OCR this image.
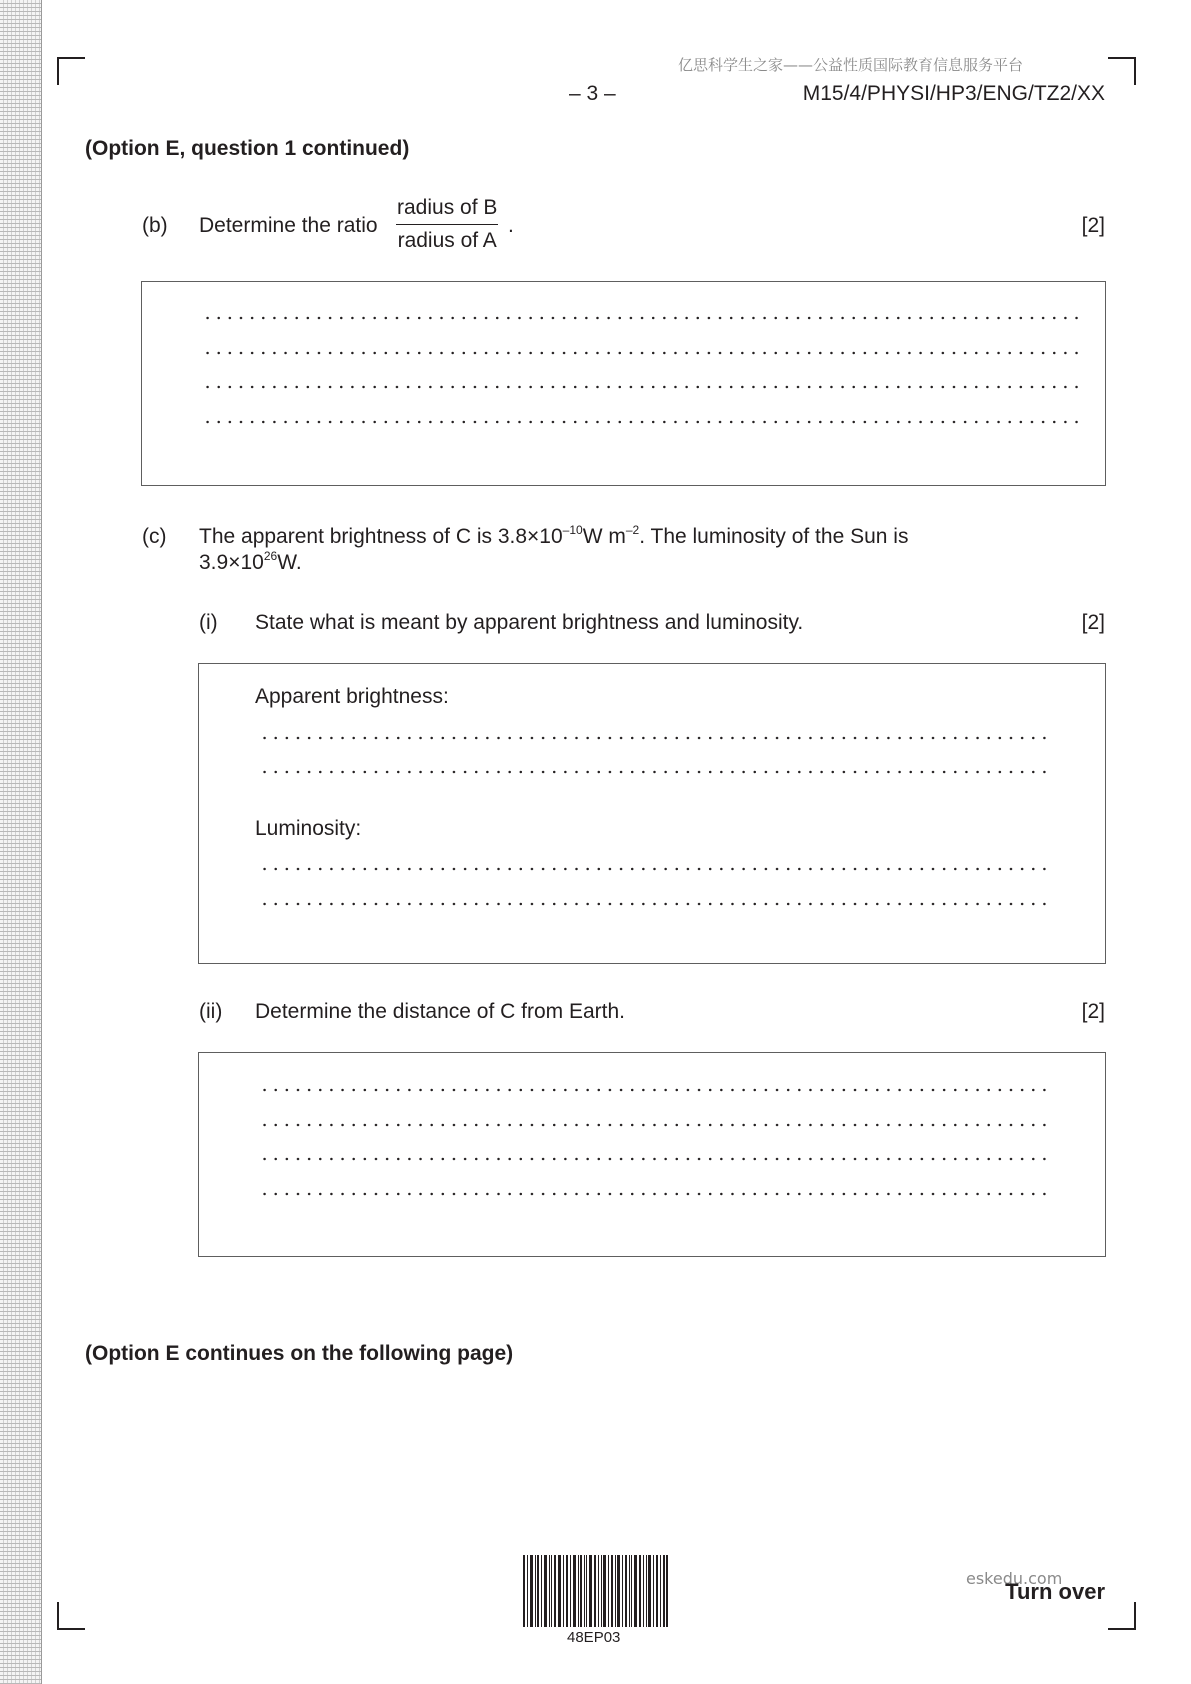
亿思科学生之家——公益性质国际教育信息服务平台
– 3 –	M15/4/PHYSI/HP3/ENG/TZ2/XX
(Option E, question 1 continued)
(b) Determine the ratio
radius of B
radius of A
.	[2]
(c) The apparent brightness of C is $3.8\times 10^{-10}W$ $m^{-2}$. The luminosity of the Sun is
$3.9\times 10^{26}W$.
(i) State what is meant by apparent brightness and luminosity.	[2]
Apparent brightness:
Luminosity:
(ii) Determine the distance of C from Earth.	[2]
(Option E continues on the following page)
48EP03
eskedu.com
Turn over
